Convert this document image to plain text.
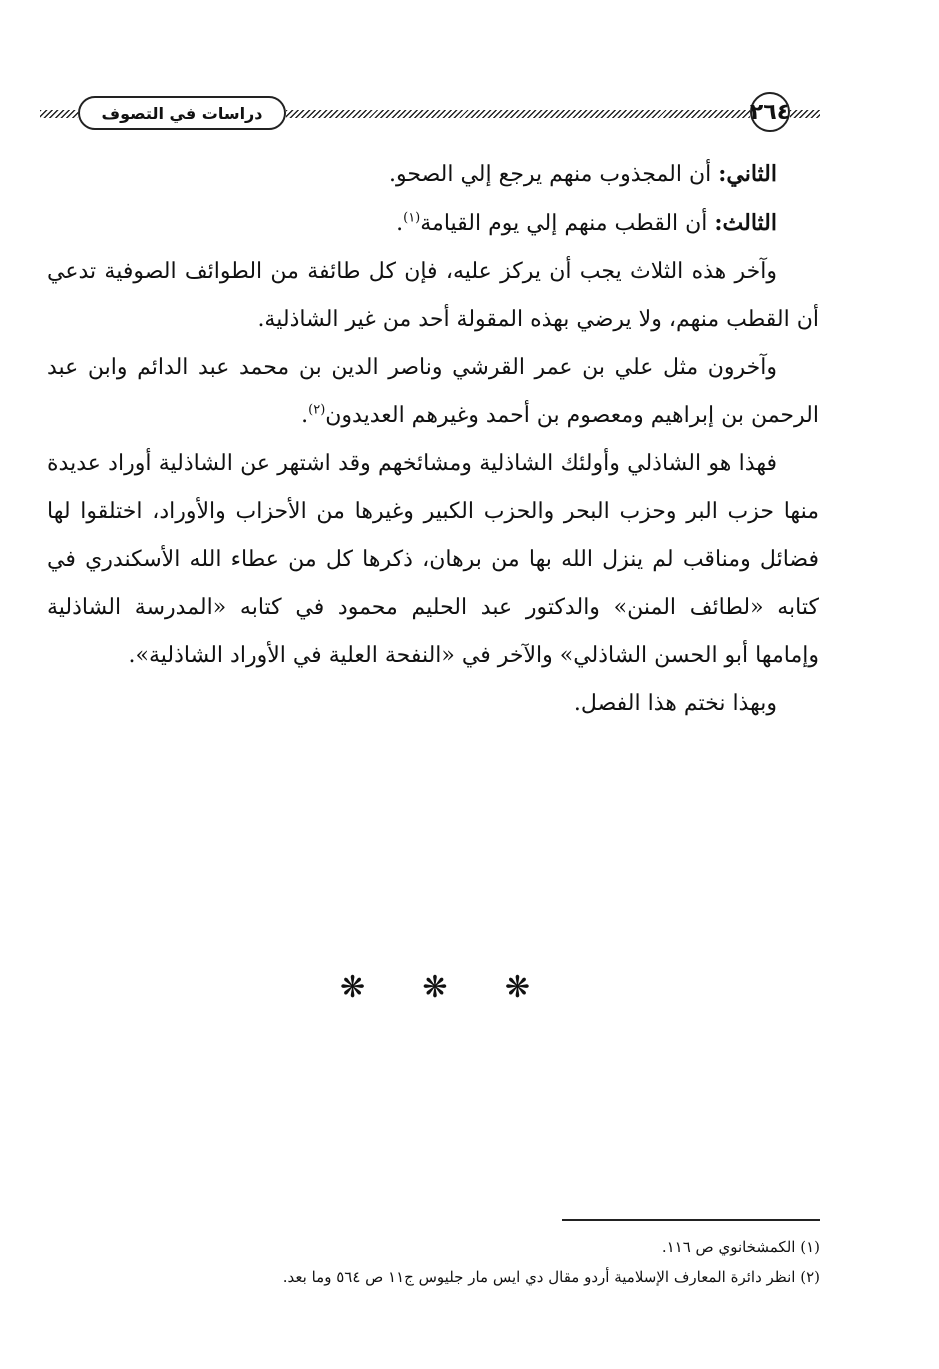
دراسات في التصوف	٢٦٤

الثاني: أن المجذوب منهم يرجع إلي الصحو.

الثالث: أن القطب منهم إلي يوم القيامة$^{(١)}$.

وآخر هذه الثلاث يجب أن يركز عليه، فإن كل طائفة من الطوائف الصوفية تدعي أن القطب منهم، ولا يرضي بهذه المقولة أحد من غير الشاذلية.

وآخرون مثل علي بن عمر القرشي وناصر الدين بن محمد عبد الدائم وابن عبد الرحمن بن إبراهيم ومعصوم بن أحمد وغيرهم العديدون$^{(٢)}$.

فهذا هو الشاذلي وأولئك الشاذلية ومشائخهم وقد اشتهر عن الشاذلية أوراد عديدة منها حزب البر وحزب البحر والحزب الكبير وغيرها من الأحزاب والأوراد، اختلقوا لها فضائل ومناقب لم ينزل الله بها من برهان، ذكرها كل من عطاء الله الأسكندري في كتابه «لطائف المنن» والدكتور عبد الحليم محمود في كتابه «المدرسة الشاذلية وإمامها أبو الحسن الشاذلي» والآخر في «النفحة العلية في الأوراد الشاذلية».

وبهذا نختم هذا الفصل.

❋ ❋ ❋

(١) الكمشخانوي ص ١١٦.

(٢) انظر دائرة المعارف الإسلامية أردو مقال دي ايس مار جليوس ج١١ ص ٥٦٤ وما بعد.
